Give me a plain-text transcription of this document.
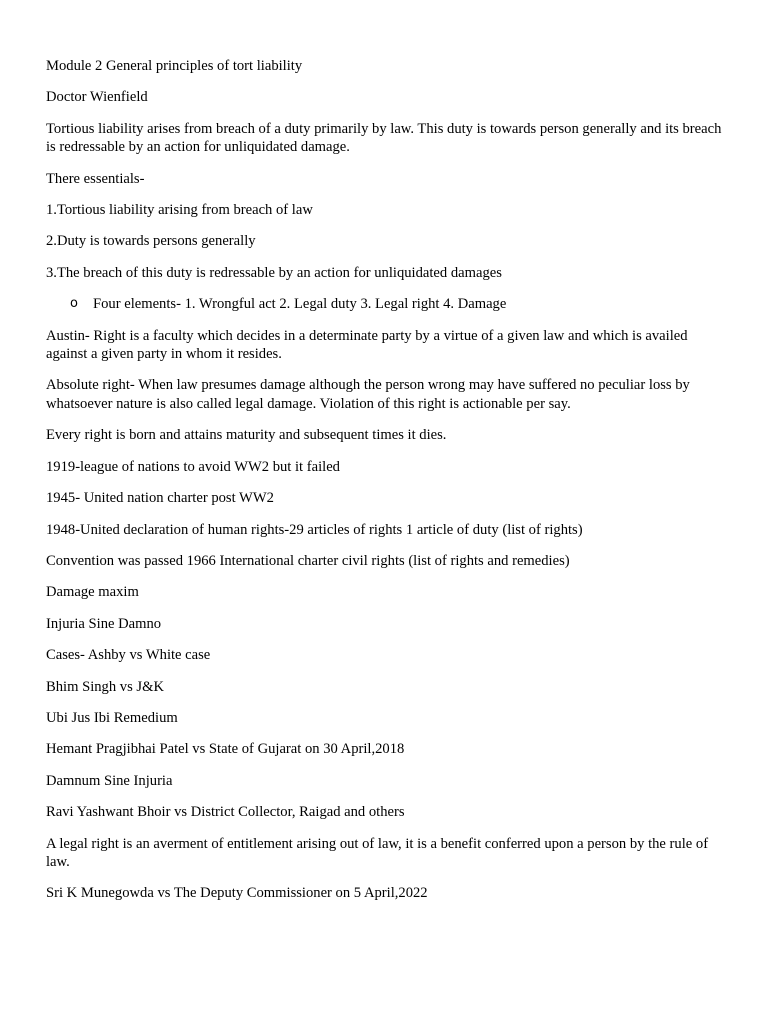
Module 2 General principles of tort liability

Doctor Wienfield

Tortious liability arises from breach of a duty primarily by law. This duty is towards person generally and its breach is redressable by an action for unliquidated damage.

There essentials-

1.Tortious liability arising from breach of law

2.Duty is towards persons generally

3.The breach of this duty is redressable by an action for unliquidated damages

o	Four elements- 1. Wrongful act 2. Legal duty 3. Legal right 4. Damage

Austin- Right is a faculty which decides in a determinate party by a virtue of a given law and which is availed against a given party in whom it resides.

Absolute right- When law presumes damage although the person wrong may have suffered no peculiar loss by whatsoever nature is also called legal damage. Violation of this right is actionable per say.

Every right is born and attains maturity and subsequent times it dies.

1919-league of nations to avoid WW2 but it failed

1945- United nation charter post WW2

1948-United declaration of human rights-29 articles of rights 1 article of duty (list of rights)

Convention was passed 1966 International charter civil rights (list of rights and remedies)

Damage maxim

Injuria Sine Damno

Cases- Ashby vs White case

Bhim Singh vs J&K

Ubi Jus Ibi Remedium

Hemant Pragjibhai Patel vs State of Gujarat on 30 April,2018

Damnum Sine Injuria

Ravi Yashwant Bhoir vs District Collector, Raigad and others

A legal right is an averment of entitlement arising out of law, it is a benefit conferred upon a person by the rule of law.

Sri K Munegowda vs The Deputy Commissioner on 5 April,2022
